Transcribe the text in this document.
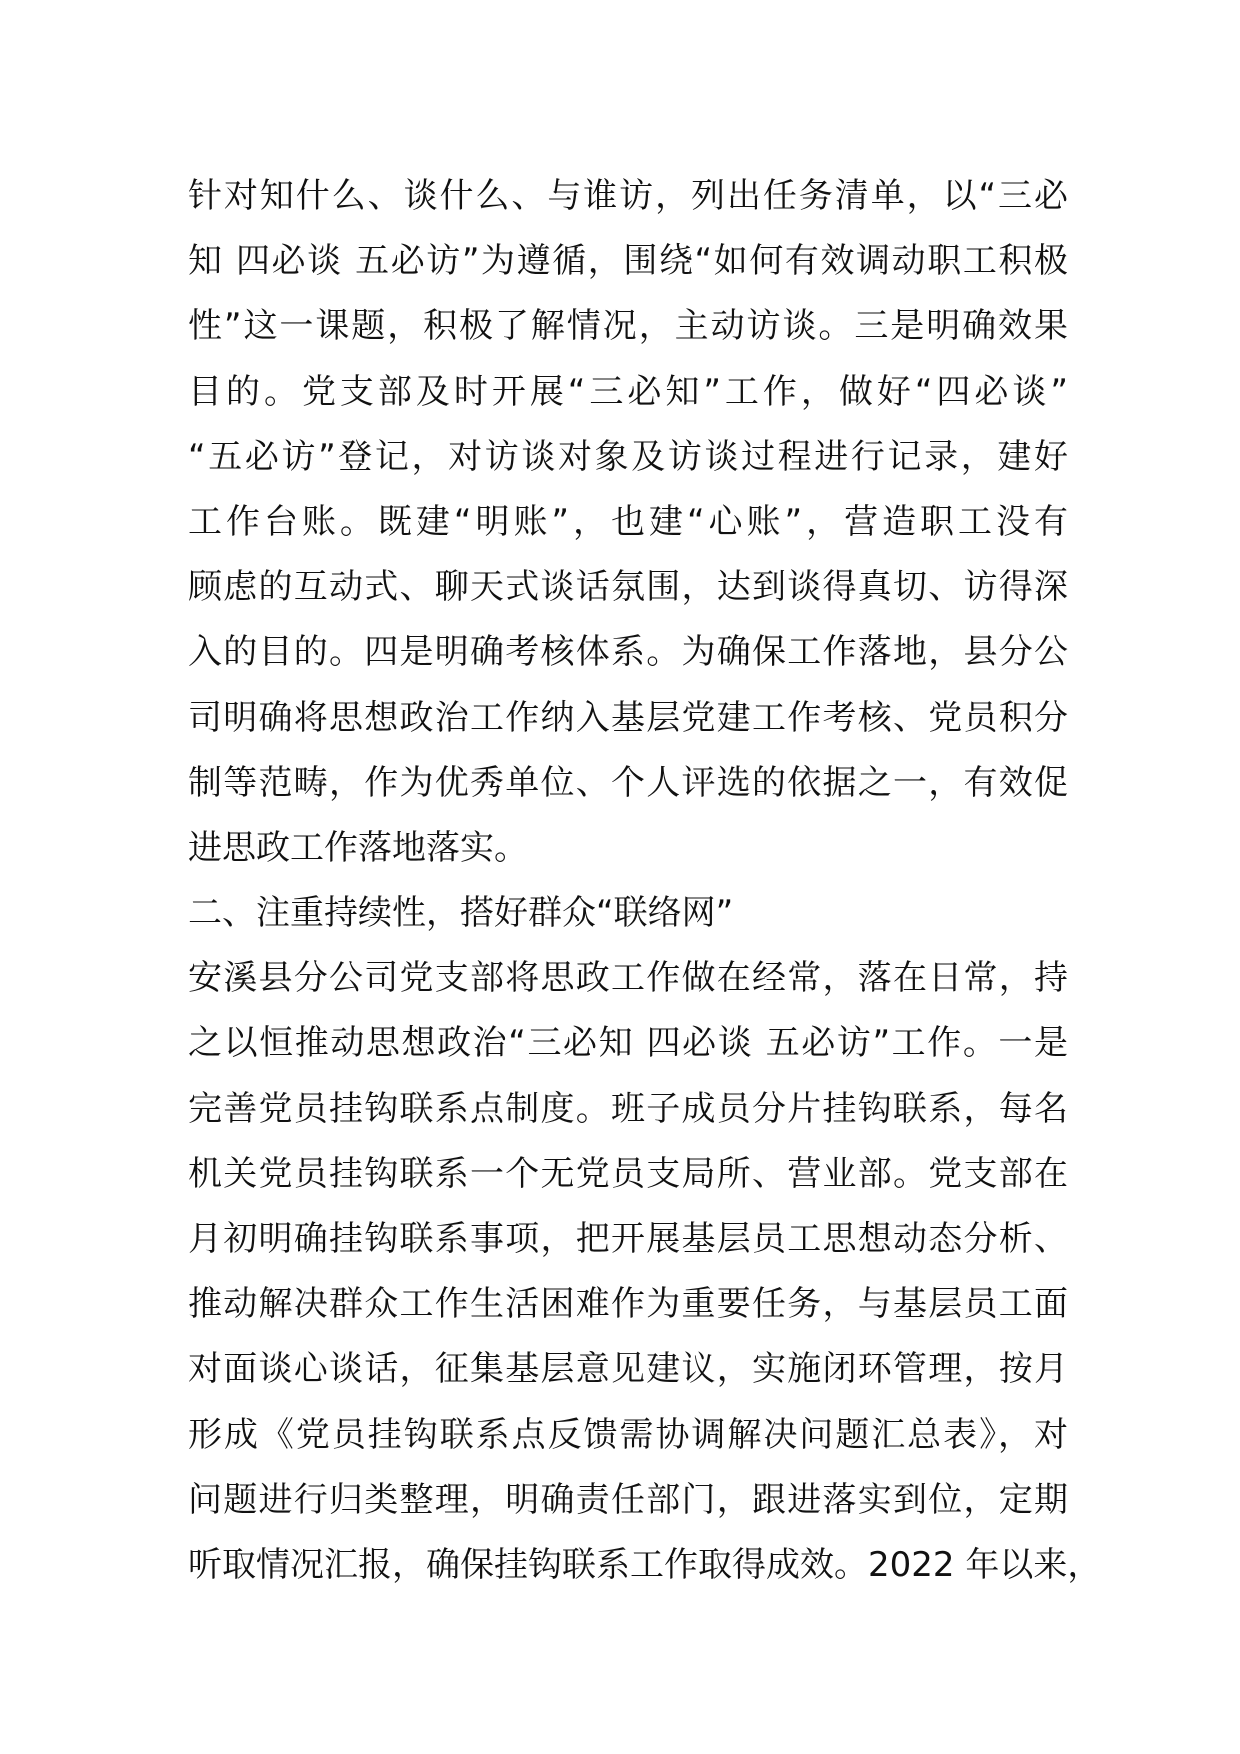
针对知什么、谈什么、与谁访，列出任务清单，以“三必
知 四必谈 五必访”为遵循，围绕“如何有效调动职工积极
性”这一课题，积极了解情况，主动访谈。三是明确效果
目的。党支部及时开展“三必知”工作，做好“四必谈”
“五必访”登记，对访谈对象及访谈过程进行记录，建好
工作台账。既建“明账”，也建“心账”，营造职工没有
顾虑的互动式、聊天式谈话氛围，达到谈得真切、访得深
入的目的。四是明确考核体系。为确保工作落地，县分公
司明确将思想政治工作纳入基层党建工作考核、党员积分
制等范畴，作为优秀单位、个人评选的依据之一，有效促
进思政工作落地落实。
二、注重持续性，搭好群众“联络网”
安溪县分公司党支部将思政工作做在经常，落在日常，持
之以恒推动思想政治“三必知 四必谈 五必访”工作。一是
完善党员挂钩联系点制度。班子成员分片挂钩联系，每名
机关党员挂钩联系一个无党员支局所、营业部。党支部在
月初明确挂钩联系事项，把开展基层员工思想动态分析、
推动解决群众工作生活困难作为重要任务，与基层员工面
对面谈心谈话，征集基层意见建议，实施闭环管理，按月
形成《党员挂钩联系点反馈需协调解决问题汇总表》，对
问题进行归类整理，明确责任部门，跟进落实到位，定期
听取情况汇报，确保挂钩联系工作取得成效。2022 年以来，
